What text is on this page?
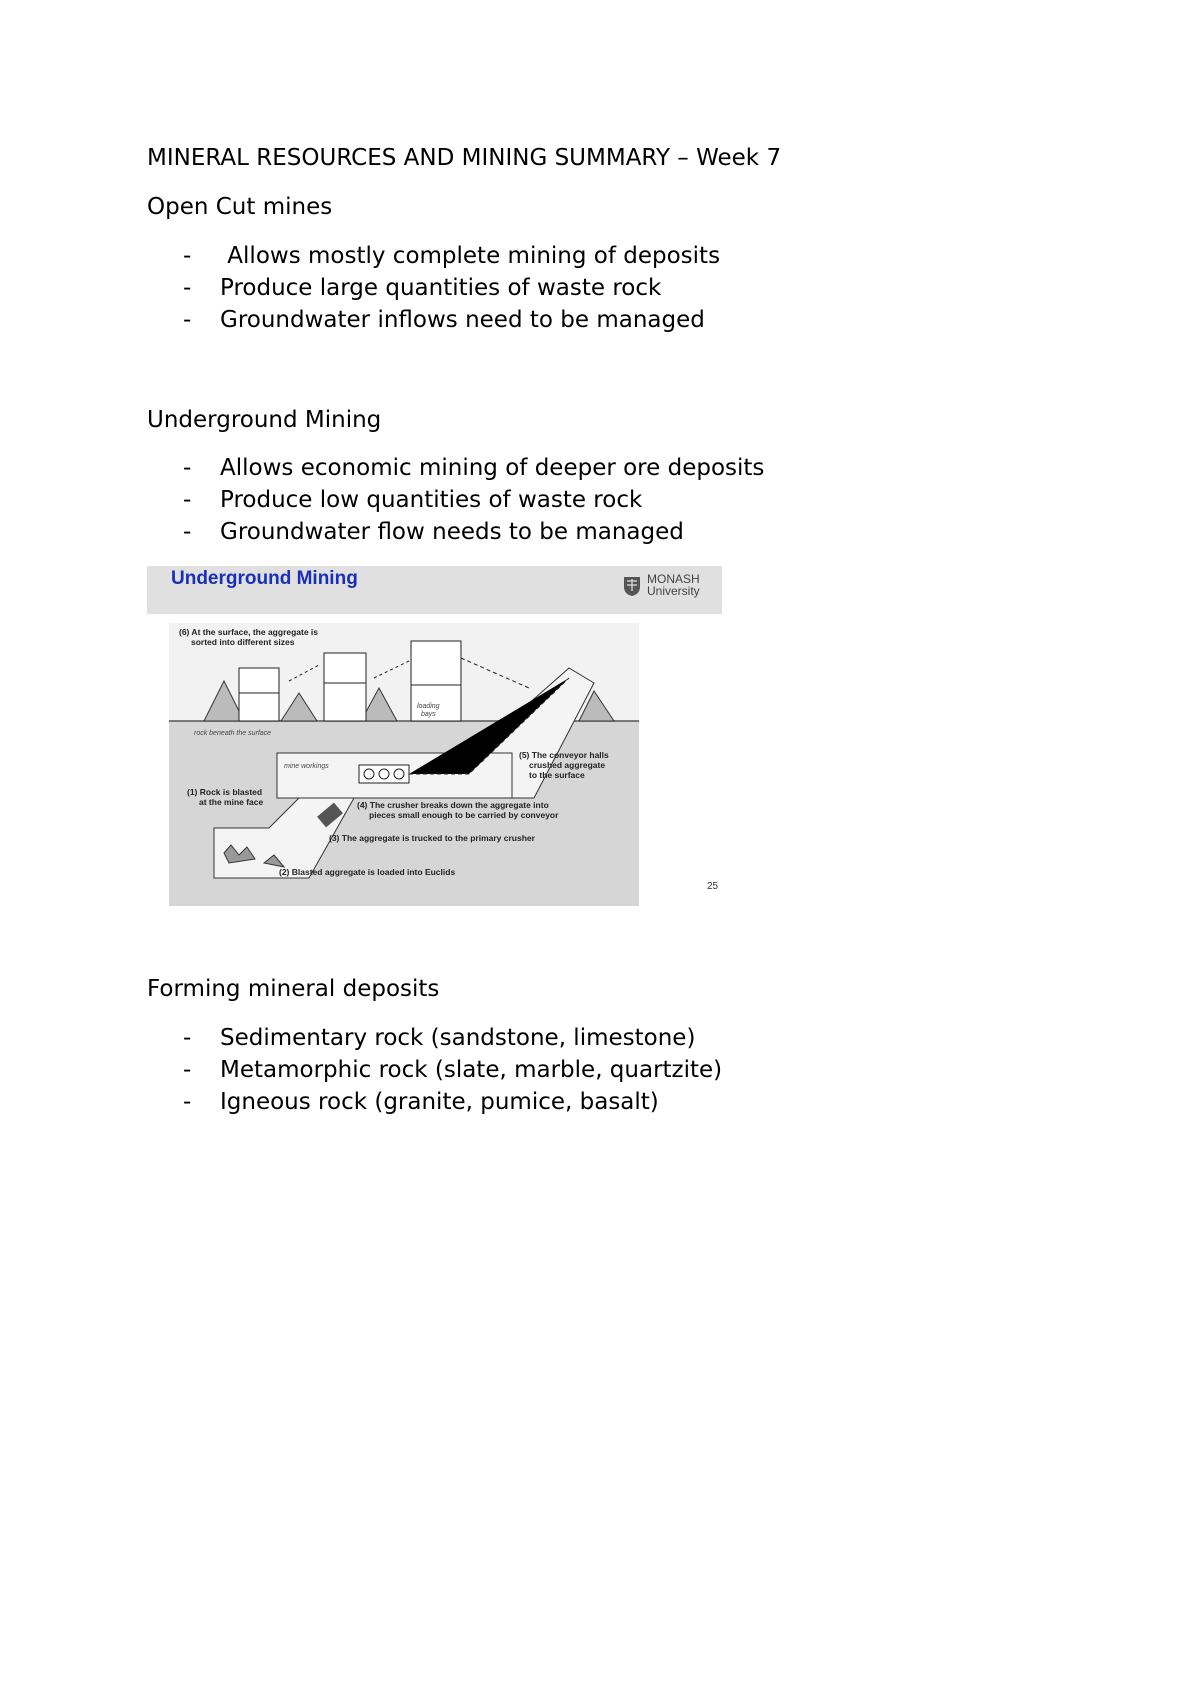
MINERAL RESOURCES AND MINING SUMMARY – Week 7
Open Cut mines
- Allows mostly complete mining of deposits
- Produce large quantities of waste rock
- Groundwater inflows need to be managed
Underground Mining
- Allows economic mining of deeper ore deposits
- Produce low quantities of waste rock
- Groundwater flow needs to be managed
Underground Mining	MONASH
University
(6) At the surface, the aggregate is
sorted into different sizes
loading
bays
rock beneath the surface
mine workings
(5) The conveyor halls
crushed aggregate
to the surface
(1) Rock is blasted
at the mine face	(4) The crusher breaks down the aggregate into
pieces small enough to be carried by conveyor
(3) The aggregate is trucked to the primary crusher
(2) Blasted aggregate is loaded into Euclids
25
Forming mineral deposits
- Sedimentary rock (sandstone, limestone)
- Metamorphic rock (slate, marble, quartzite)
- Igneous rock (granite, pumice, basalt)
